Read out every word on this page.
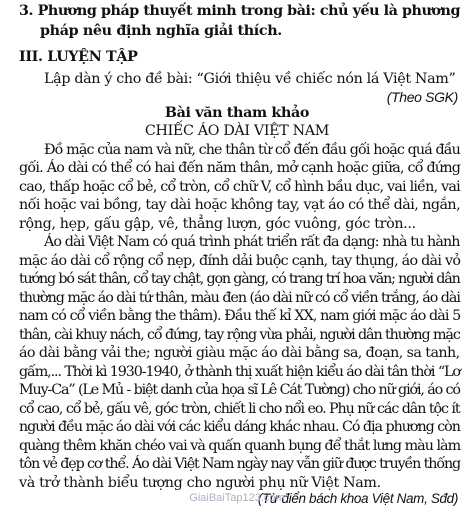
3. Phương pháp thuyết minh trong bài: chủ yếu là phương
pháp nêu định nghĩa giải thích.
III. LUYỆN TẬP
Lập dàn ý cho đề bài: “Giới thiệu về chiếc nón lá Việt Nam”
(Theo SGK)
Bài văn tham khảo
CHIẾC ÁO DÀI VIỆT NAM
Đồ mặc của nam và nữ, che thân từ cổ đến đầu gối hoặc quá đầu
gối. Áo dài có thể có hai đến năm thân, mở cạnh hoặc giữa, cổ đứng
cao, thấp hoặc cổ bẻ, cổ tròn, cổ chữ V, cổ hình bầu dục, vai liền, vai
nối hoặc vai bồng, tay dài hoặc không tay, vạt áo có thể dài, ngắn,
rộng, hẹp, gấu gập, vê, thẳng lượn, góc vuông, góc tròn...
Áo dài Việt Nam có quá trình phát triển rất đa dạng: nhà tu hành
mặc áo dài cổ rộng cổ nẹp, đính dải buộc cạnh, tay thụng, áo dài vỏ
tướng bó sát thân, cổ tay chật, gọn gàng, có trang trí hoa văn; người dân
thường mặc áo dài tứ thân, màu đen (áo dài nữ có cổ viền trắng, áo dài
nam có cổ viền bằng the thâm). Đầu thế kỉ XX, nam giới mặc áo dài 5
thân, cài khuy nách, cổ đứng, tay rộng vừa phải, người dân thường mặc
áo dài bằng vải the; người giàu mặc áo dài bằng sa, đoạn, sa tanh,
gấm,... Thời kì 1930-1940, ở thành thị xuất hiện kiểu áo dài tân thời “Lơ
Muy-Ca” (Le Mủ - biệt danh của họa sĩ Lê Cát Tường) cho nữ giới, áo có
cổ cao, cổ bẻ, gấu vê, góc tròn, chiết li cho nổi eo. Phụ nữ các dân tộc ít
người đều mặc áo dài với các kiểu dáng khác nhau. Có địa phương còn
quàng thêm khăn chéo vai và quấn quanh bụng để thắt lưng màu làm
tôn vẻ đẹp cơ thể. Áo dài Việt Nam ngày nay vẫn giữ được truyền thống
và trở thành biểu tượng cho người phụ nữ Việt Nam.
(Từ điển bách khoa Việt Nam, Sđd)
GiaiBaiTap123.com
